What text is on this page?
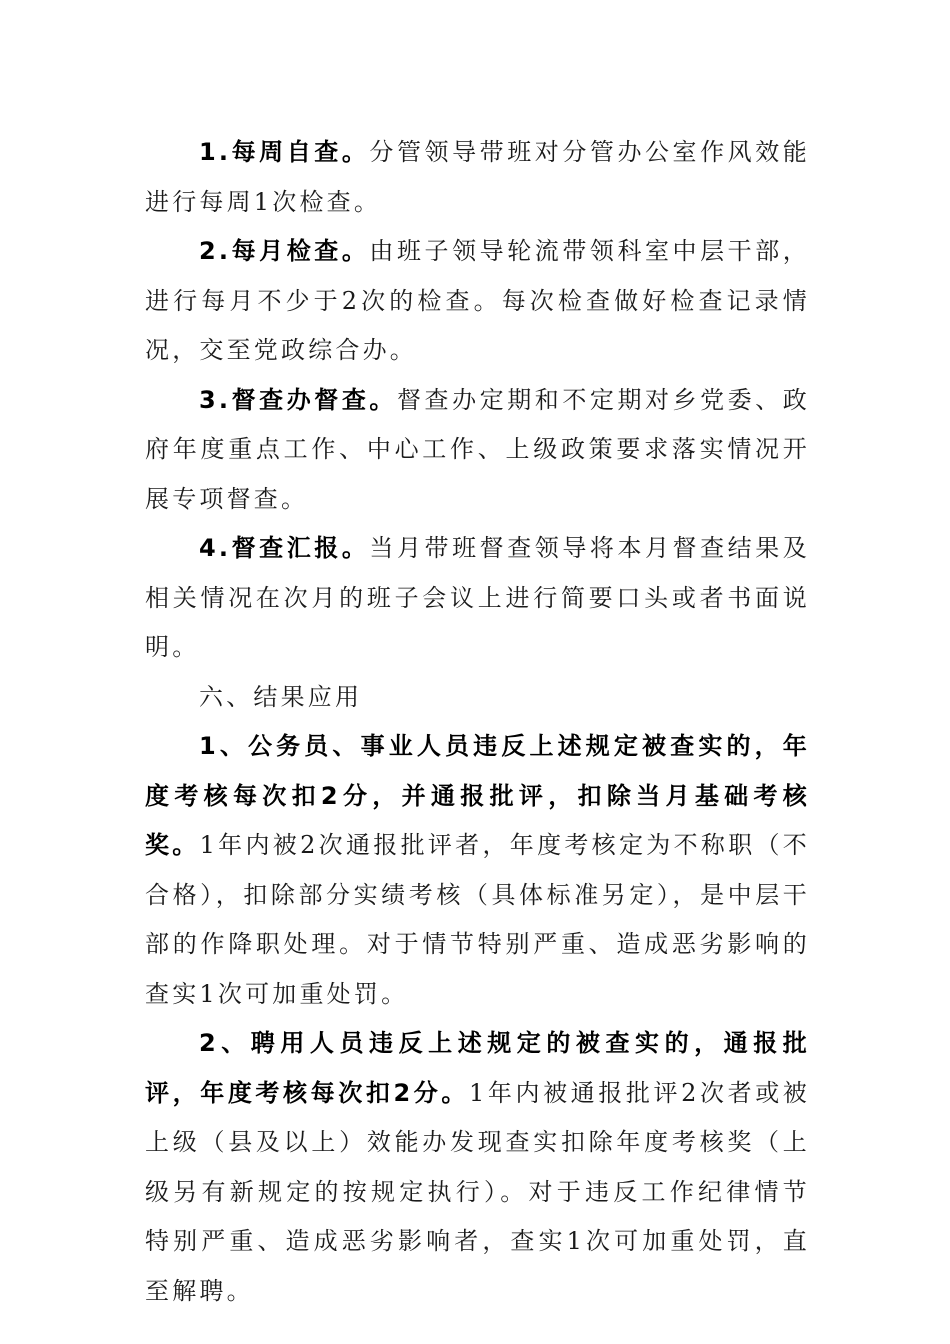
1.每周自查。分管领导带班对分管办公室作风效能进行每周1次检查。

2.每月检查。由班子领导轮流带领科室中层干部，进行每月不少于2次的检查。每次检查做好检查记录情况，交至党政综合办。

3.督查办督查。督查办定期和不定期对乡党委、政府年度重点工作、中心工作、上级政策要求落实情况开展专项督查。

4.督查汇报。当月带班督查领导将本月督查结果及相关情况在次月的班子会议上进行简要口头或者书面说明。

六、结果应用

1、公务员、事业人员违反上述规定被查实的，年度考核每次扣2分，并通报批评，扣除当月基础考核奖。1年内被2次通报批评者，年度考核定为不称职（不合格），扣除部分实绩考核（具体标准另定），是中层干部的作降职处理。对于情节特别严重、造成恶劣影响的查实1次可加重处罚。

2、聘用人员违反上述规定的被查实的，通报批评，年度考核每次扣2分。1年内被通报批评2次者或被上级（县及以上）效能办发现查实扣除年度考核奖（上级另有新规定的按规定执行）。对于违反工作纪律情节特别严重、造成恶劣影响者，查实1次可加重处罚，直至解聘。
